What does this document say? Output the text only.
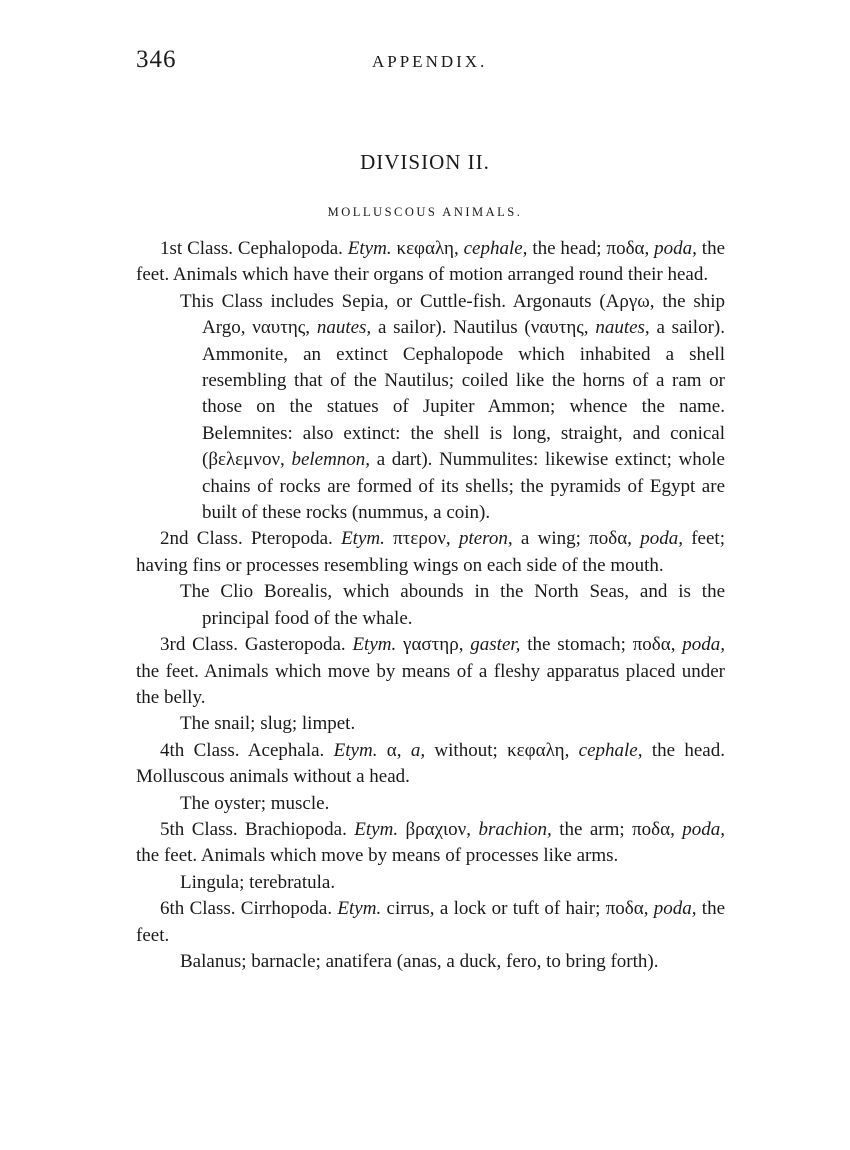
346	APPENDIX.
DIVISION II.
MOLLUSCOUS ANIMALS.

1st Class. Cephalopoda. Etym. κεφαλη, cephale, the head; ποδα, poda, the feet. Animals which have their organs of motion arranged round their head.

This Class includes Sepia, or Cuttle-fish. Argonauts (Αργω, the ship Argo, ναυτης, nautes, a sailor). Nautilus (ναυτης, nautes, a sailor). Ammonite, an extinct Cephalopode which inhabited a shell resembling that of the Nautilus; coiled like the horns of a ram or those on the statues of Jupiter Ammon; whence the name. Belemnites: also extinct: the shell is long, straight, and conical (βελεμνον, belemnon, a dart). Nummulites: likewise extinct; whole chains of rocks are formed of its shells; the pyramids of Egypt are built of these rocks (nummus, a coin).

2nd Class. Pteropoda. Etym. πτερον, pteron, a wing; ποδα, poda, feet; having fins or processes resembling wings on each side of the mouth.

The Clio Borealis, which abounds in the North Seas, and is the principal food of the whale.

3rd Class. Gasteropoda. Etym. γαστηρ, gaster, the stomach; ποδα, poda, the feet. Animals which move by means of a fleshy apparatus placed under the belly.

The snail; slug; limpet.

4th Class. Acephala. Etym. α, a, without; κεφαλη, cephale, the head. Molluscous animals without a head.

The oyster; muscle.

5th Class. Brachiopoda. Etym. βραχιον, brachion, the arm; ποδα, poda, the feet. Animals which move by means of processes like arms.

Lingula; terebratula.

6th Class. Cirrhopoda. Etym. cirrus, a lock or tuft of hair; ποδα, poda, the feet.

Balanus; barnacle; anatifera (anas, a duck, fero, to bring forth).
